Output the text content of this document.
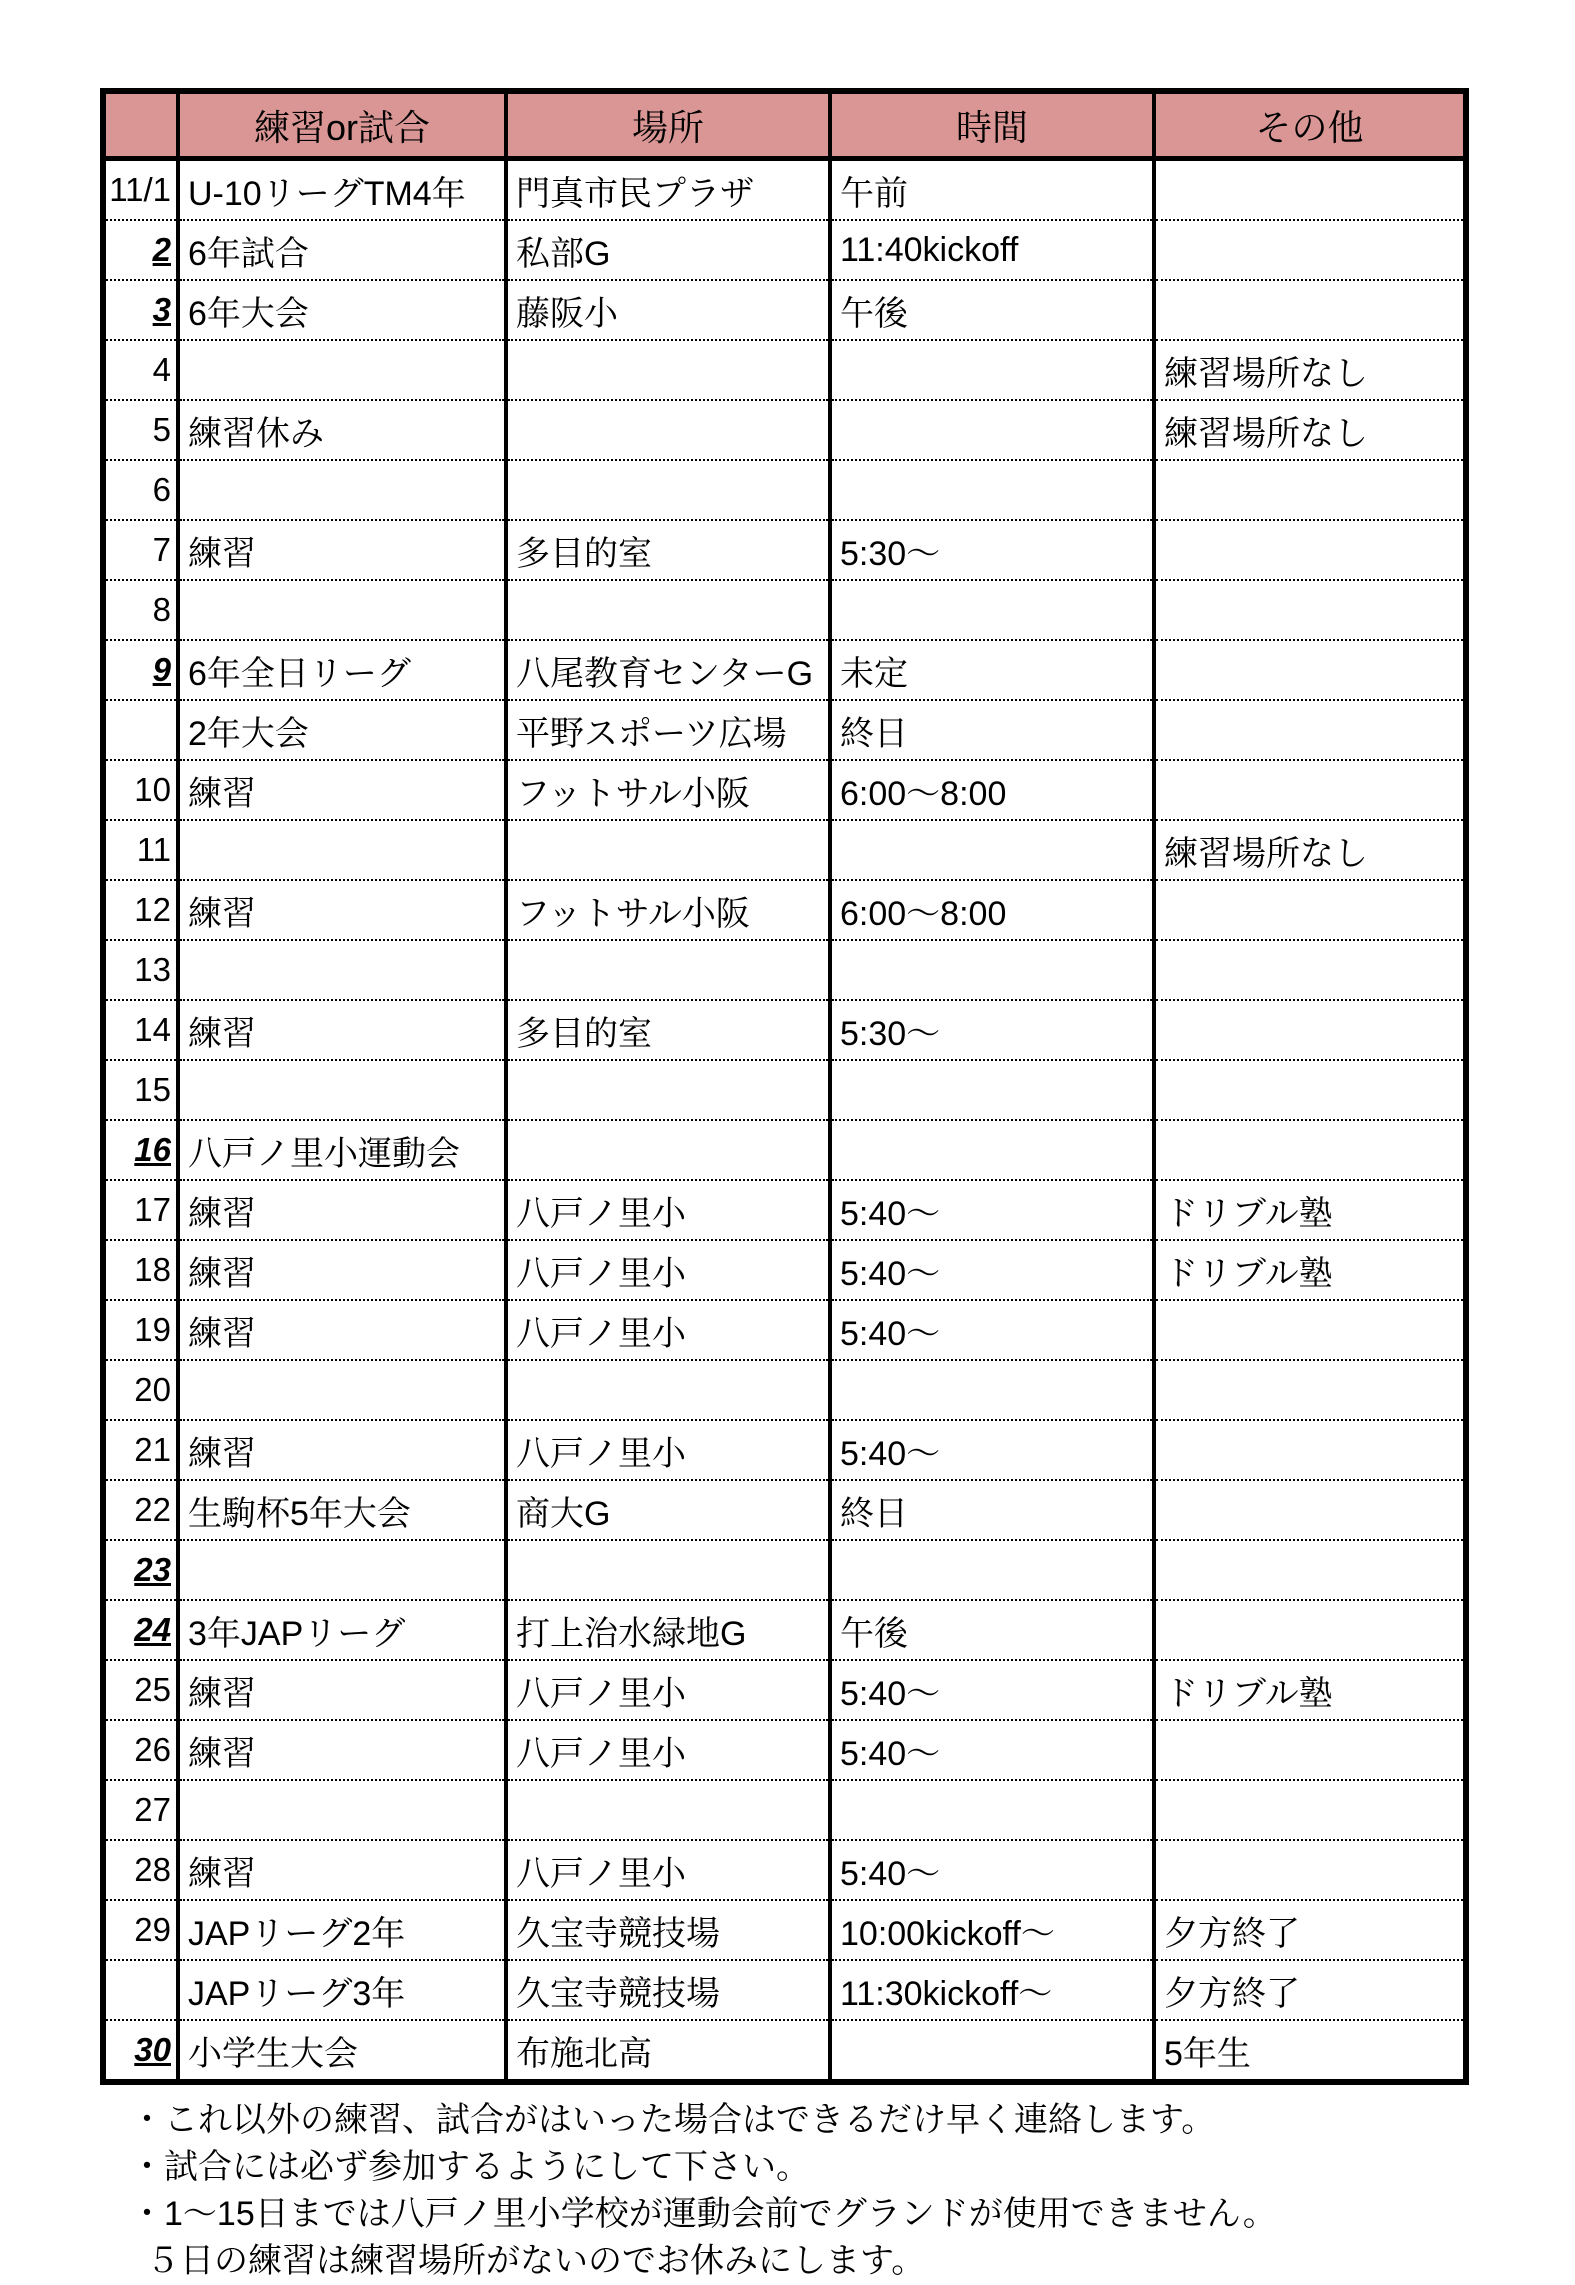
	練習or試合	場所	時間	その他
11/1	U-10リーグTM4年	門真市民プラザ	午前	
2	6年試合	私部G	11:40kickoff	
3	6年大会	藤阪小	午後	
4				練習場所なし
5	練習休み			練習場所なし
6				
7	練習	多目的室	5:30～	
8				
9	6年全日リーグ	八尾教育センターG	未定	
	2年大会	平野スポーツ広場	終日	
10	練習	フットサル小阪	6:00～8:00	
11				練習場所なし
12	練習	フットサル小阪	6:00～8:00	
13				
14	練習	多目的室	5:30～	
15				
16	八戸ノ里小運動会			
17	練習	八戸ノ里小	5:40～	ドリブル塾
18	練習	八戸ノ里小	5:40～	ドリブル塾
19	練習	八戸ノ里小	5:40～	
20				
21	練習	八戸ノ里小	5:40～	
22	生駒杯5年大会	商大G	終日	
23				
24	3年JAPリーグ	打上治水緑地G	午後	
25	練習	八戸ノ里小	5:40～	ドリブル塾
26	練習	八戸ノ里小	5:40～	
27				
28	練習	八戸ノ里小	5:40～	
29	JAPリーグ2年	久宝寺競技場	10:00kickoff～	夕方終了
	JAPリーグ3年	久宝寺競技場	11:30kickoff～	夕方終了
30	小学生大会	布施北高		5年生
・これ以外の練習、試合がはいった場合はできるだけ早く連絡します。
・試合には必ず参加するようにして下さい。
・1～15日までは八戸ノ里小学校が運動会前でグランドが使用できません。
５日の練習は練習場所がないのでお休みにします。
